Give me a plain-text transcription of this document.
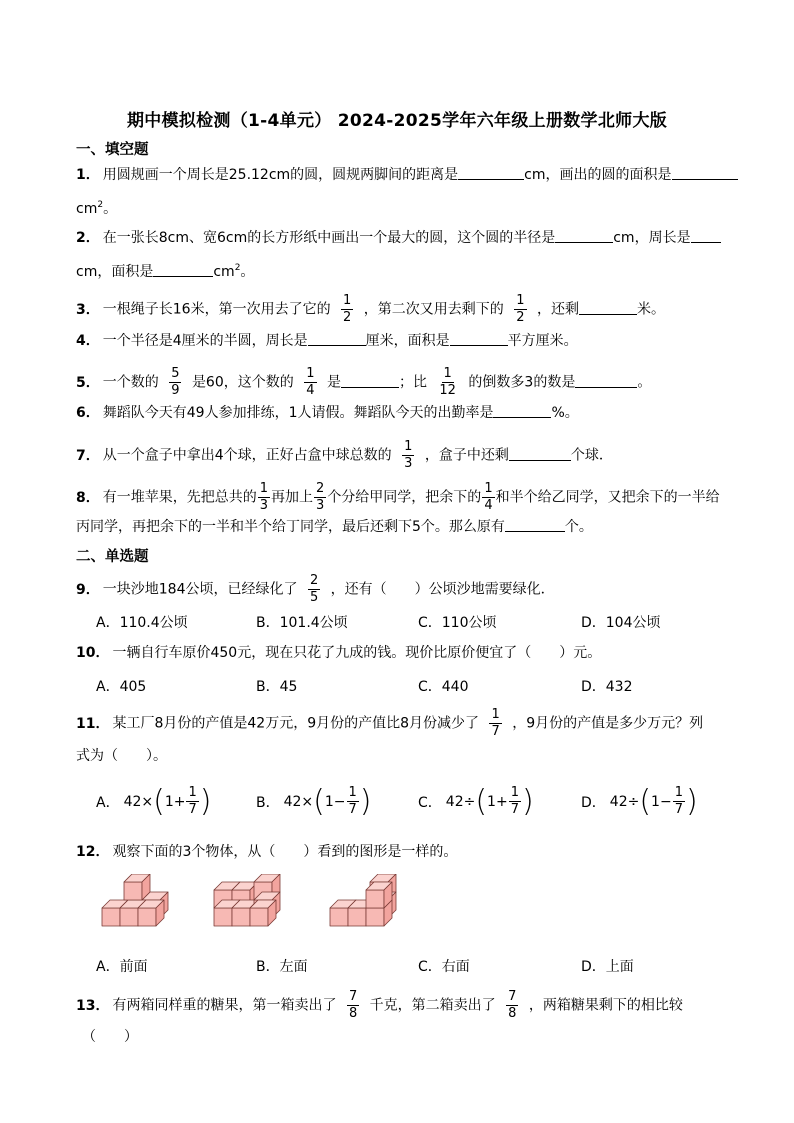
期中模拟检测（1-4单元） 2024-2025学年六年级上册数学北师大版
一、填空题
1． 用圆规画一个周长是25.12cm的圆，圆规两脚间的距离是	cm，画出的圆的面积是
$cm^2$。
2． 在一张长8cm、宽6cm的长方形纸中画出一个最大的圆，这个圆的半径是	cm，周长是
cm，面积是	$cm^2$。
3． 一根绳子长16米，第一次用去了它的 $\frac{1}{2}$ ，第二次又用去剩下的 $\frac{1}{2}$ ，还剩	米。
4． 一个半径是4厘米的半圆，周长是	厘米，面积是	平方厘米。
5． 一个数的 $\frac{5}{9}$ 是60，这个数的 $\frac{1}{4}$ 是	；比 $\frac{1}{12}$ 的倒数多3的数是	。
6． 舞蹈队今天有49人参加排练，1人请假。舞蹈队今天的出勤率是	%。
7． 从一个盒子中拿出4个球，正好占盒中球总数的 $\frac{1}{3}$ ，盒子中还剩	个球．
8． 有一堆苹果，先把总共的 $\frac{1}{3}$ 再加上 $\frac{2}{3}$ 个分给甲同学，把余下的 $\frac{1}{4}$ 和半个给乙同学，又把余下的一半给
丙同学，再把余下的一半和半个给丁同学，最后还剩下5个。那么原有	个。
二、单选题
9． 一块沙地184公顷，已经绿化了 $\frac{2}{5}$ ，还有（　　）公顷沙地需要绿化．
A．110.4公顷	B．101.4公顷	C．110公顷	D．104公顷
10． 一辆自行车原价450元，现在只花了九成的钱。现价比原价便宜了（　　）元。
A．405	B．45	C．440	D．432
11． 某工厂8月份的产值是42万元，9月份的产值比8月份减少了 $\frac{1}{7}$ ，9月份的产值是多少万元？列
式为（　　）。
A． 42× ( $1+ \frac{1}{7}$ )	B． 42× ( $1- \frac{1}{7}$ )	C． 42÷ ( $1+ \frac{1}{7}$ )	D． 42÷ ( $1- \frac{1}{7}$ )
12． 观察下面的3个物体，从（　　）看到的图形是一样的。
A．前面	B．左面	C．右面	D．上面
13． 有两箱同样重的糖果，第一箱卖出了 $\frac{7}{8}$ 千克，第二箱卖出了 $\frac{7}{8}$ ，两箱糖果剩下的相比较
（　　）
